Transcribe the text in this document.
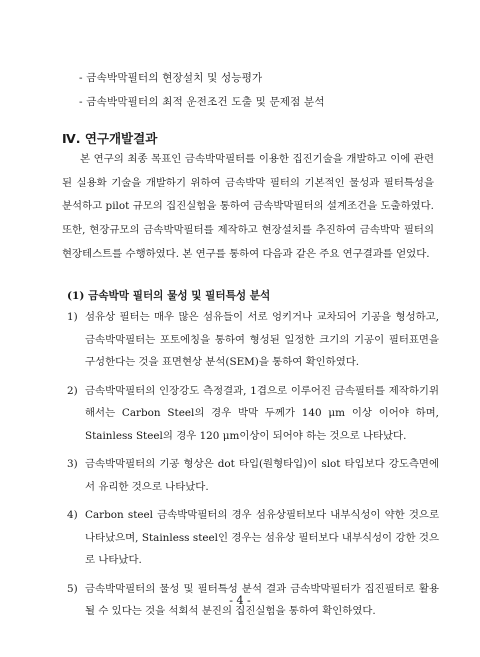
- 금속박막필터의 현장설치 및 성능평가
- 금속박막필터의 최적 운전조건 도출 및 문제점 분석
Ⅳ. 연구개발결과
본 연구의 최종 목표인 금속박막필터를 이용한 집진기술을 개발하고 이에 관련된 실용화 기술을 개발하기 위하여 금속박막 필터의 기본적인 물성과 필터특성을 분석하고 pilot 규모의 집진실험을 통하여 금속박막필터의 설계조건을 도출하였다. 또한, 현장규모의 금속박막필터를 제작하고 현장설치를 추진하여 금속박막 필터의 현장테스트를 수행하였다. 본 연구를 통하여 다음과 같은 주요 연구결과를 얻었다.
(1) 금속박막 필터의 물성 및 필터특성 분석
1) 섬유상 필터는 매우 많은 섬유들이 서로 엉키거나 교차되어 기공을 형성하고, 금속박막필터는 포토에칭을 통하여 형성된 일정한 크기의 기공이 필터표면을 구성한다는 것을 표면현상 분석(SEM)을 통하여 확인하였다.
2) 금속박막필터의 인장강도 측정결과, 1겹으로 이루어진 금속필터를 제작하기위해서는 Carbon Steel의 경우 박막 두께가 140 μm 이상 이어야 하며, Stainless Steel의 경우 120 μm이상이 되어야 하는 것으로 나타났다.
3) 금속박막필터의 기공 형상은 dot 타입(원형타입)이 slot 타입보다 강도측면에서 유리한 것으로 나타났다.
4) Carbon steel 금속박막필터의 경우 섬유상필터보다 내부식성이 약한 것으로 나타났으며, Stainless steel인 경우는 섬유상 필터보다 내부식성이 강한 것으로 나타났다.
5) 금속박막필터의 물성 및 필터특성 분석 결과 금속박막필터가 집진필터로 활용될 수 있다는 것을 석회석 분진의 집진실험을 통하여 확인하였다.
- 4 -
